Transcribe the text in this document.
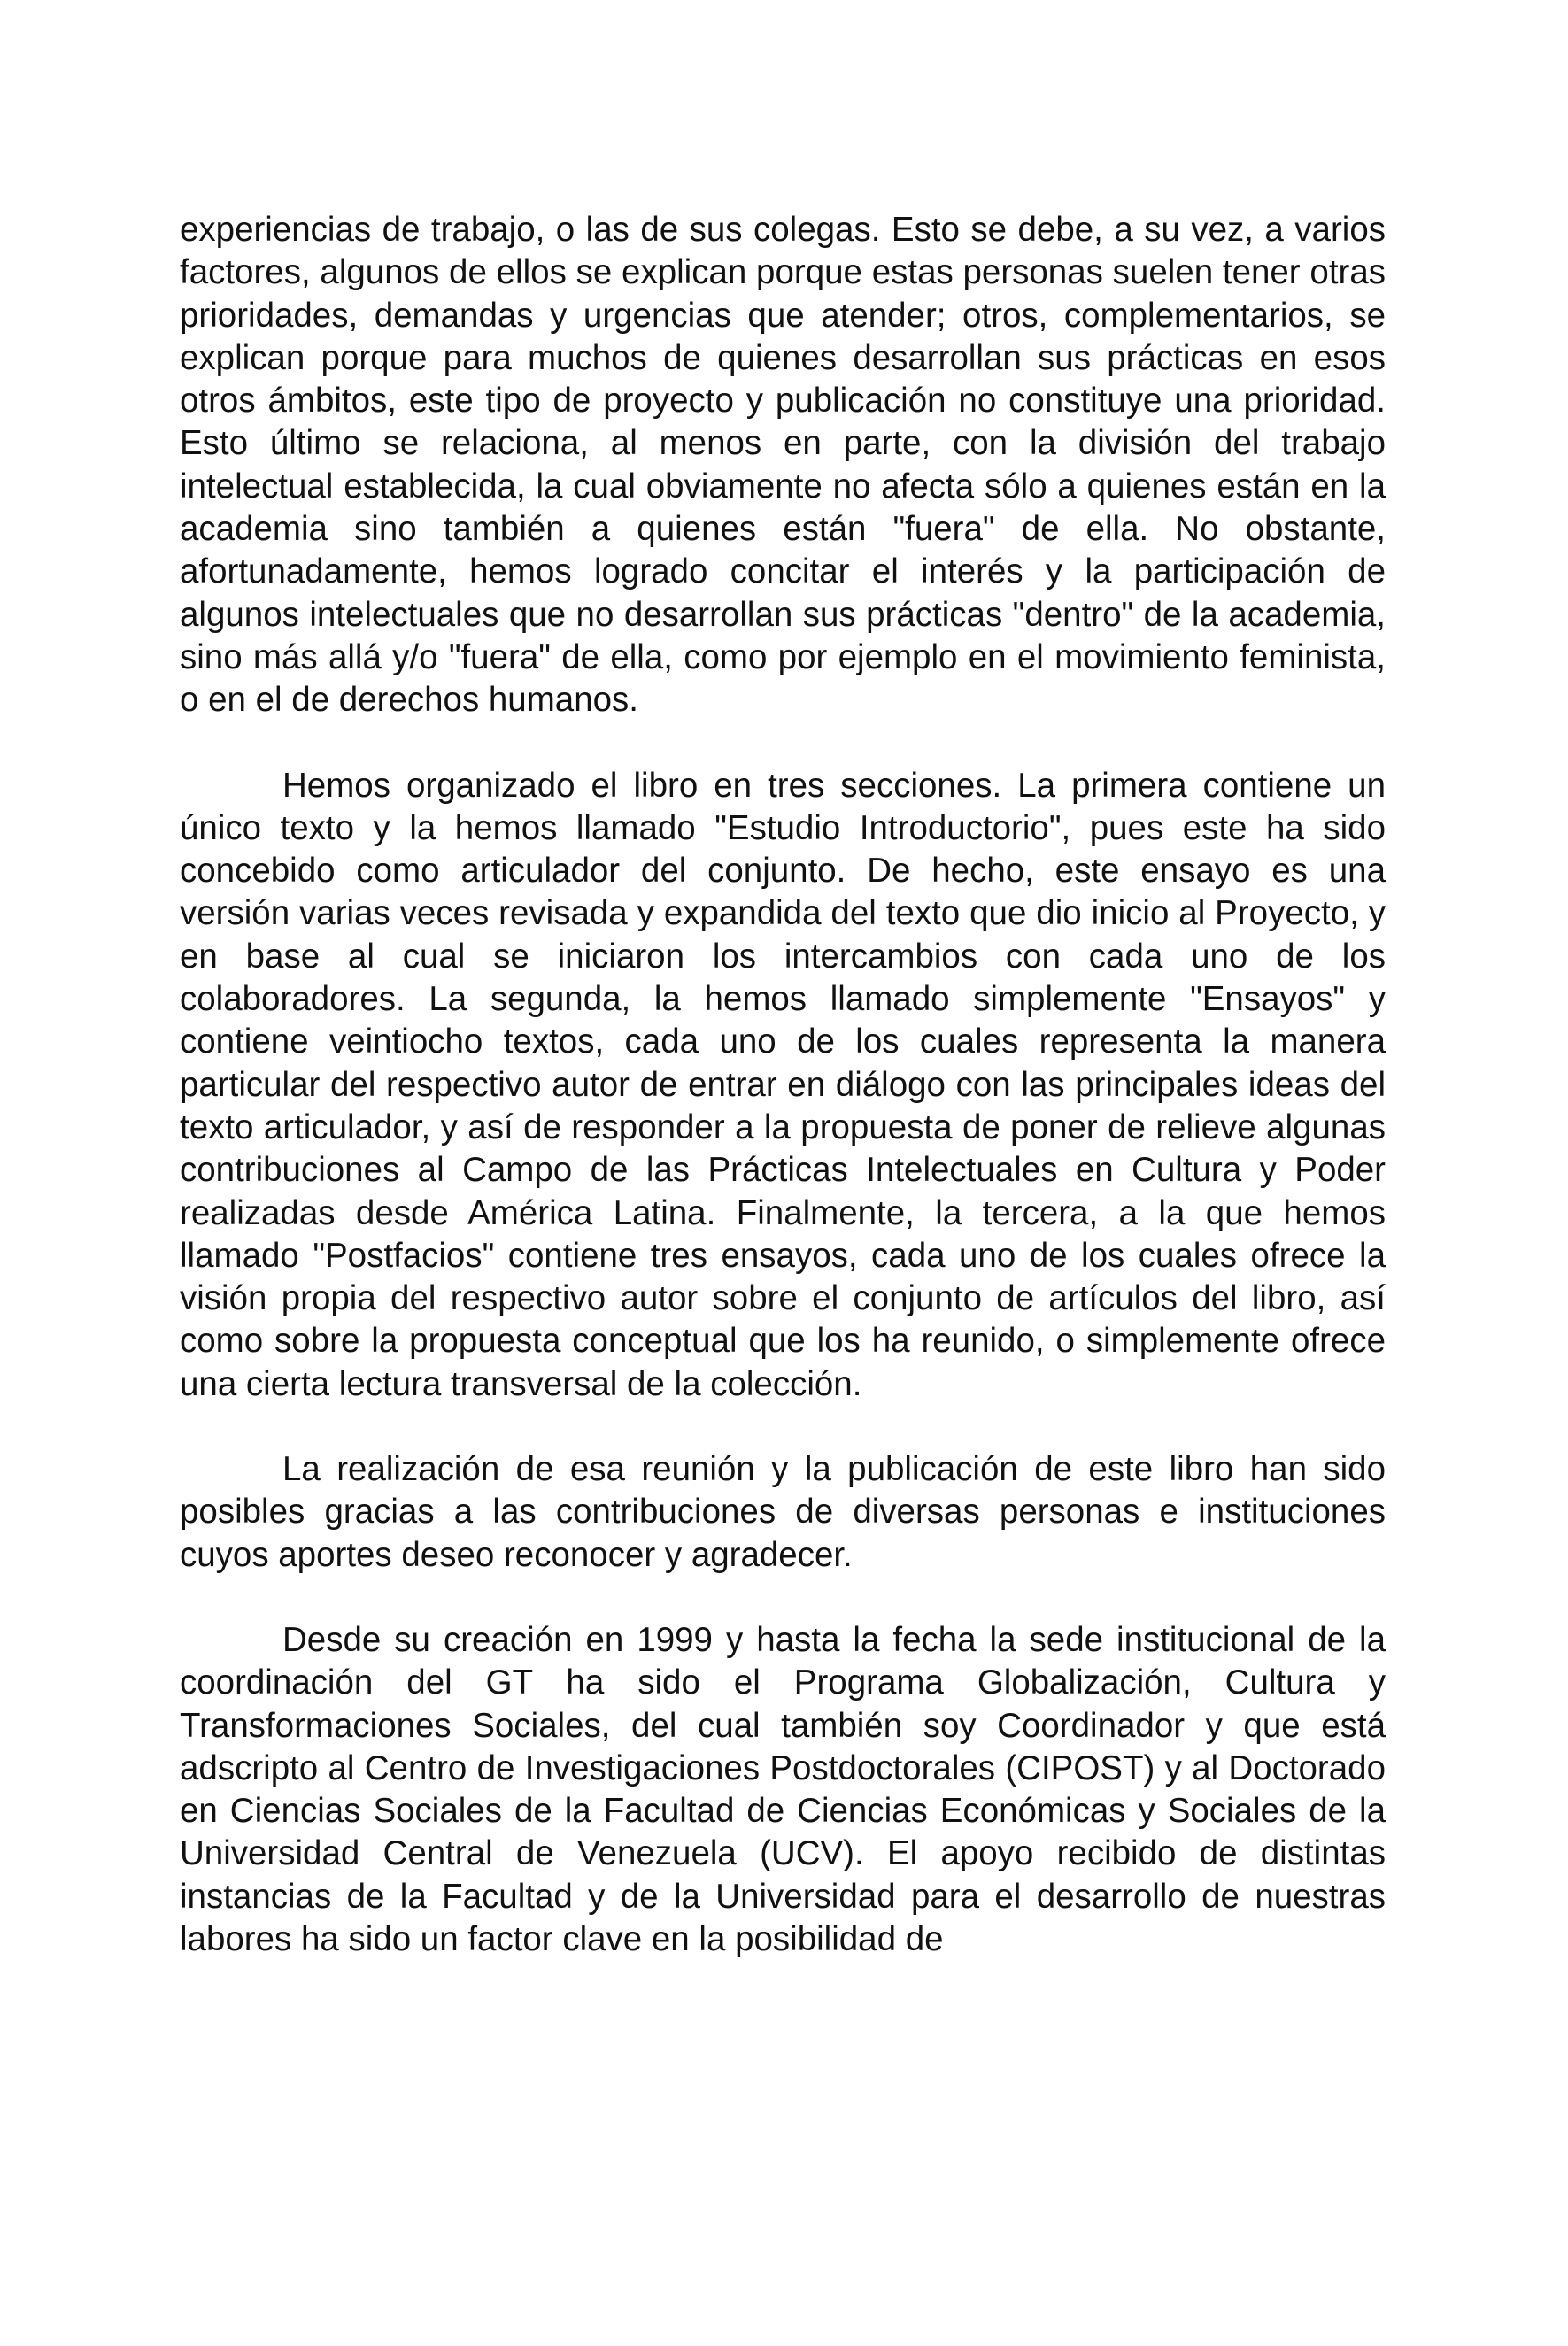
experiencias de trabajo, o las de sus colegas. Esto se debe, a su vez, a varios factores, algunos de ellos se explican porque estas personas suelen tener otras prioridades, demandas y urgencias que atender; otros, complementarios, se explican porque para muchos de quienes desarrollan sus prácticas en esos otros ámbitos, este tipo de proyecto y publicación no constituye una prioridad. Esto último se relaciona, al menos en parte, con la división del trabajo intelectual establecida, la cual obviamente no afecta sólo a quienes están en la academia sino también a quienes están "fuera" de ella. No obstante, afortunadamente, hemos logrado concitar el interés y la participación de algunos intelectuales que no desarrollan sus prácticas "dentro" de la academia, sino más allá y/o "fuera" de ella, como por ejemplo en el movimiento feminista, o en el de derechos humanos.

Hemos organizado el libro en tres secciones. La primera contiene un único texto y la hemos llamado "Estudio Introductorio", pues este ha sido concebido como articulador del conjunto. De hecho, este ensayo es una versión varias veces revisada y expandida del texto que dio inicio al Proyecto, y en base al cual se iniciaron los intercambios con cada uno de los colaboradores. La segunda, la hemos llamado simplemente "Ensayos" y contiene veintiocho textos, cada uno de los cuales representa la manera particular del respectivo autor de entrar en diálogo con las principales ideas del texto articulador, y así de responder a la propuesta de poner de relieve algunas contribuciones al Campo de las Prácticas Intelectuales en Cultura y Poder realizadas desde América Latina. Finalmente, la tercera, a la que hemos llamado "Postfacios" contiene tres ensayos, cada uno de los cuales ofrece la visión propia del respectivo autor sobre el conjunto de artículos del libro, así como sobre la propuesta conceptual que los ha reunido, o simplemente ofrece una cierta lectura transversal de la colección.

La realización de esa reunión y la publicación de este libro han sido posibles gracias a las contribuciones de diversas personas e instituciones cuyos aportes deseo reconocer y agradecer.

Desde su creación en 1999 y hasta la fecha la sede institucional de la coordinación del GT ha sido el Programa Globalización, Cultura y Transformaciones Sociales, del cual también soy Coordinador y que está adscripto al Centro de Investigaciones Postdoctorales (CIPOST) y al Doctorado en Ciencias Sociales de la Facultad de Ciencias Económicas y Sociales de la Universidad Central de Venezuela (UCV). El apoyo recibido de distintas instancias de la Facultad y de la Universidad para el desarrollo de nuestras labores ha sido un factor clave en la posibilidad de
